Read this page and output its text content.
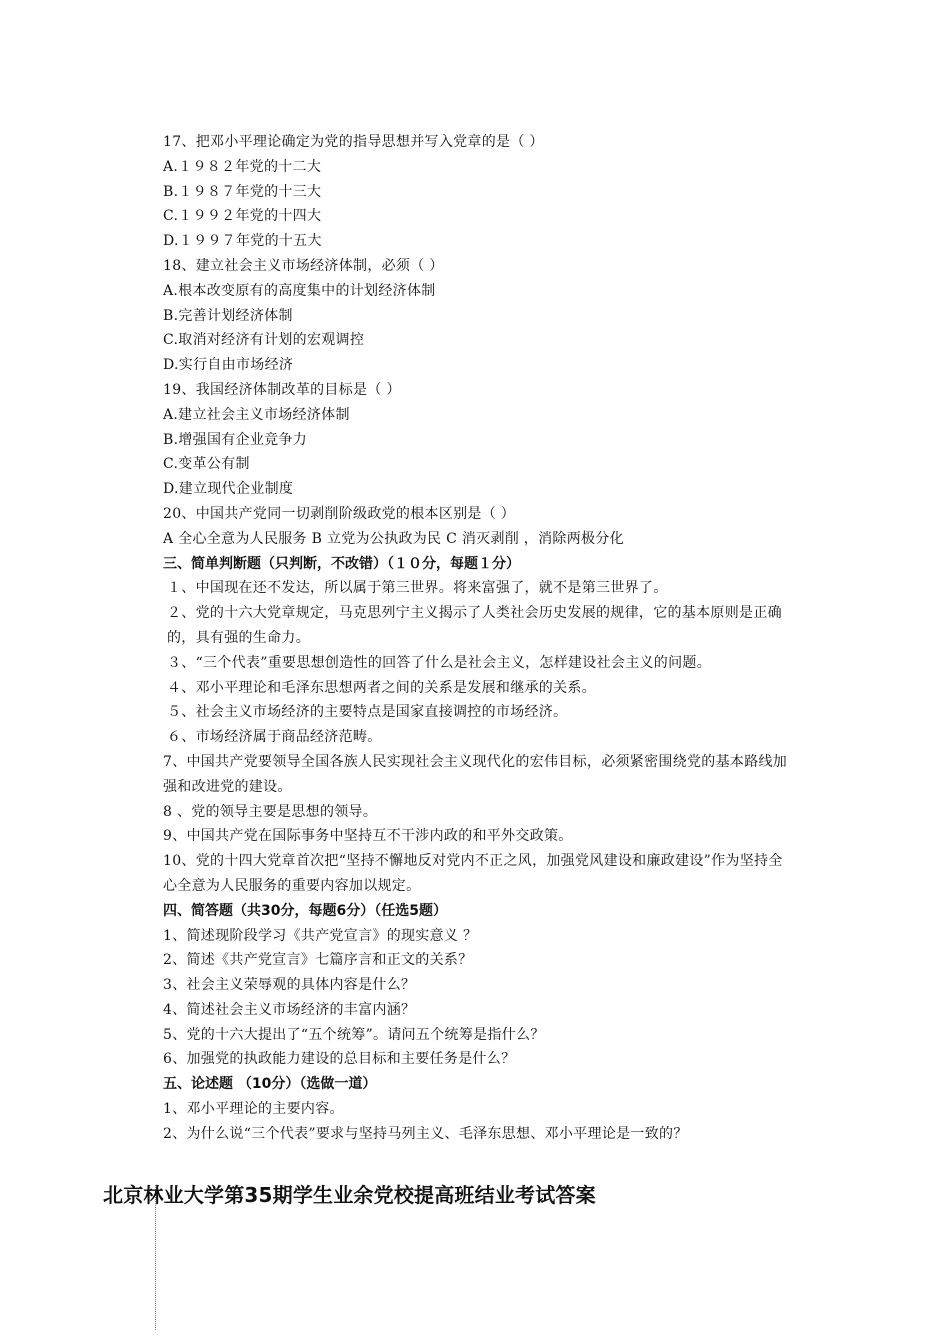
17、把邓小平理论确定为党的指导思想并写入党章的是（ ）
A.１９８２年党的十二大
B.１９８７年党的十三大
C.１９９２年党的十四大
D.１９９７年党的十五大
18、建立社会主义市场经济体制，必须（ ）
A.根本改变原有的高度集中的计划经济体制
B.完善计划经济体制
C.取消对经济有计划的宏观调控
D.实行自由市场经济
19、我国经济体制改革的目标是（ ）
A.建立社会主义市场经济体制
B.增强国有企业竞争力
C.变革公有制
D.建立现代企业制度
20、中国共产党同一切剥削阶级政党的根本区别是（ ）
A 全心全意为人民服务 B 立党为公执政为民 C 消灭剥削 ，消除两极分化
三、简单判断题（只判断，不改错）（１０分，每题１分）
１、中国现在还不发达，所以属于第三世界。将来富强了，就不是第三世界了。
２、党的十六大党章规定，马克思列宁主义揭示了人类社会历史发展的规律，它的基本原则是正确的，具有强的生命力。
３、“三个代表”重要思想创造性的回答了什么是社会主义，怎样建设社会主义的问题。
４、邓小平理论和毛泽东思想两者之间的关系是发展和继承的关系。
５、社会主义市场经济的主要特点是国家直接调控的市场经济。
６、市场经济属于商品经济范畴。
7、中国共产党要领导全国各族人民实现社会主义现代化的宏伟目标，必须紧密围绕党的基本路线加强和改进党的建设。
8 、党的领导主要是思想的领导。
9、中国共产党在国际事务中坚持互不干涉内政的和平外交政策。
10、党的十四大党章首次把“坚持不懈地反对党内不正之风，加强党风建设和廉政建设”作为坚持全心全意为人民服务的重要内容加以规定。
四、简答题（共30分，每题6分）（任选5题）
1、简述现阶段学习《共产党宣言》的现实意义 ？
2、简述《共产党宣言》七篇序言和正文的关系？
3、社会主义荣辱观的具体内容是什么？
4、简述社会主义市场经济的丰富内涵？
5、党的十六大提出了“五个统筹”。请问五个统筹是指什么？
6、加强党的执政能力建设的总目标和主要任务是什么？
五、论述题 （10分）（选做一道）
1、邓小平理论的主要内容。
2、为什么说“三个代表”要求与坚持马列主义、毛泽东思想、邓小平理论是一致的？
北京林业大学第35期学生业余党校提高班结业考试答案
